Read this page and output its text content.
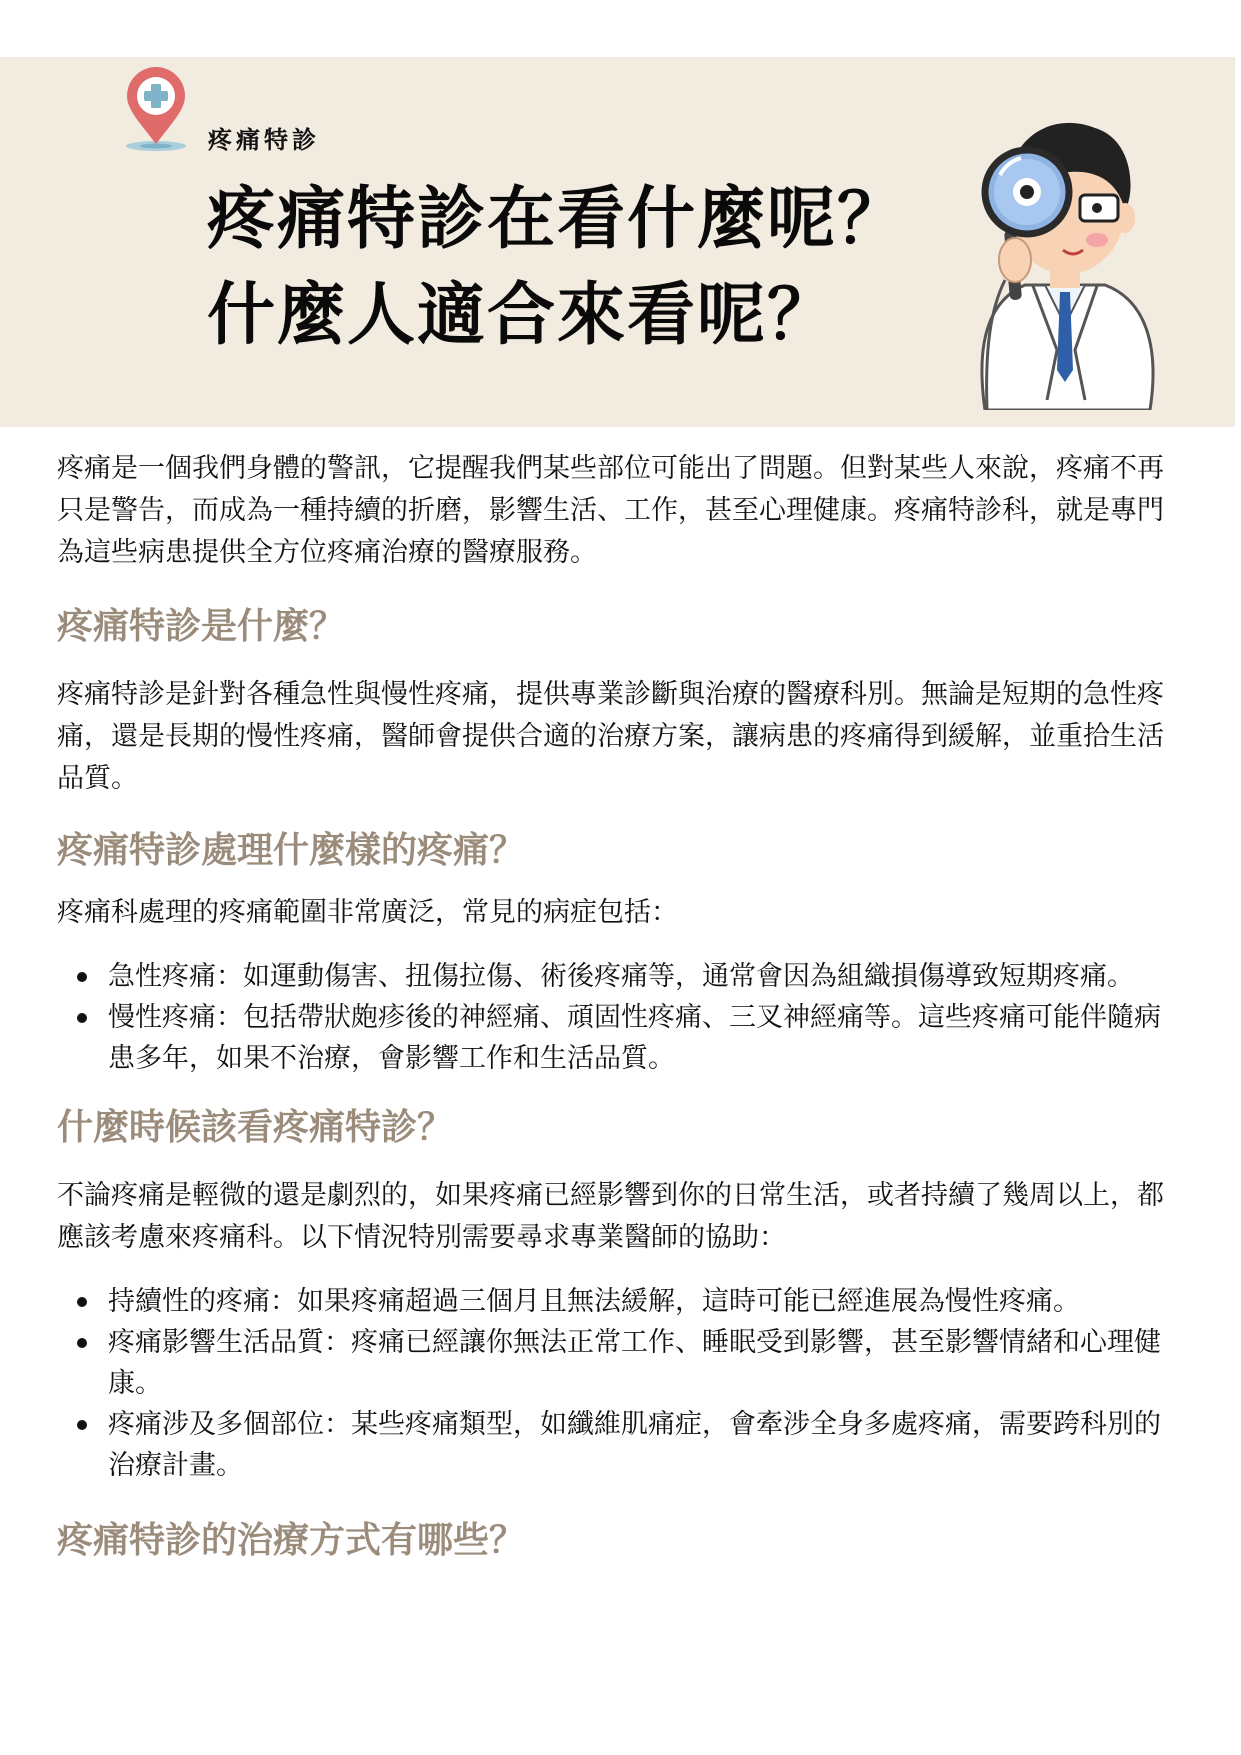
疼痛特診
疼痛特診在看什麼呢？
什麼人適合來看呢？

疼痛是一個我們身體的警訊，它提醒我們某些部位可能出了問題。但對某些人來說，疼痛不再只是警告，而成為一種持續的折磨，影響生活、工作，甚至心理健康。疼痛特診科，就是專門為這些病患提供全方位疼痛治療的醫療服務。

疼痛特診是什麼？

疼痛特診是針對各種急性與慢性疼痛，提供專業診斷與治療的醫療科別。無論是短期的急性疼痛，還是長期的慢性疼痛，醫師會提供合適的治療方案，讓病患的疼痛得到緩解，並重拾生活品質。

疼痛特診處理什麼樣的疼痛？

疼痛科處理的疼痛範圍非常廣泛，常見的病症包括：

急性疼痛：如運動傷害、扭傷拉傷、術後疼痛等，通常會因為組織損傷導致短期疼痛。
慢性疼痛：包括帶狀皰疹後的神經痛、頑固性疼痛、三叉神經痛等。這些疼痛可能伴隨病患多年，如果不治療，會影響工作和生活品質。
什麼時候該看疼痛特診？

不論疼痛是輕微的還是劇烈的，如果疼痛已經影響到你的日常生活，或者持續了幾周以上，都應該考慮來疼痛科。以下情況特別需要尋求專業醫師的協助：

持續性的疼痛：如果疼痛超過三個月且無法緩解，這時可能已經進展為慢性疼痛。
疼痛影響生活品質：疼痛已經讓你無法正常工作、睡眠受到影響，甚至影響情緒和心理健康。
疼痛涉及多個部位：某些疼痛類型，如纖維肌痛症，會牽涉全身多處疼痛，需要跨科別的治療計畫。
疼痛特診的治療方式有哪些？
